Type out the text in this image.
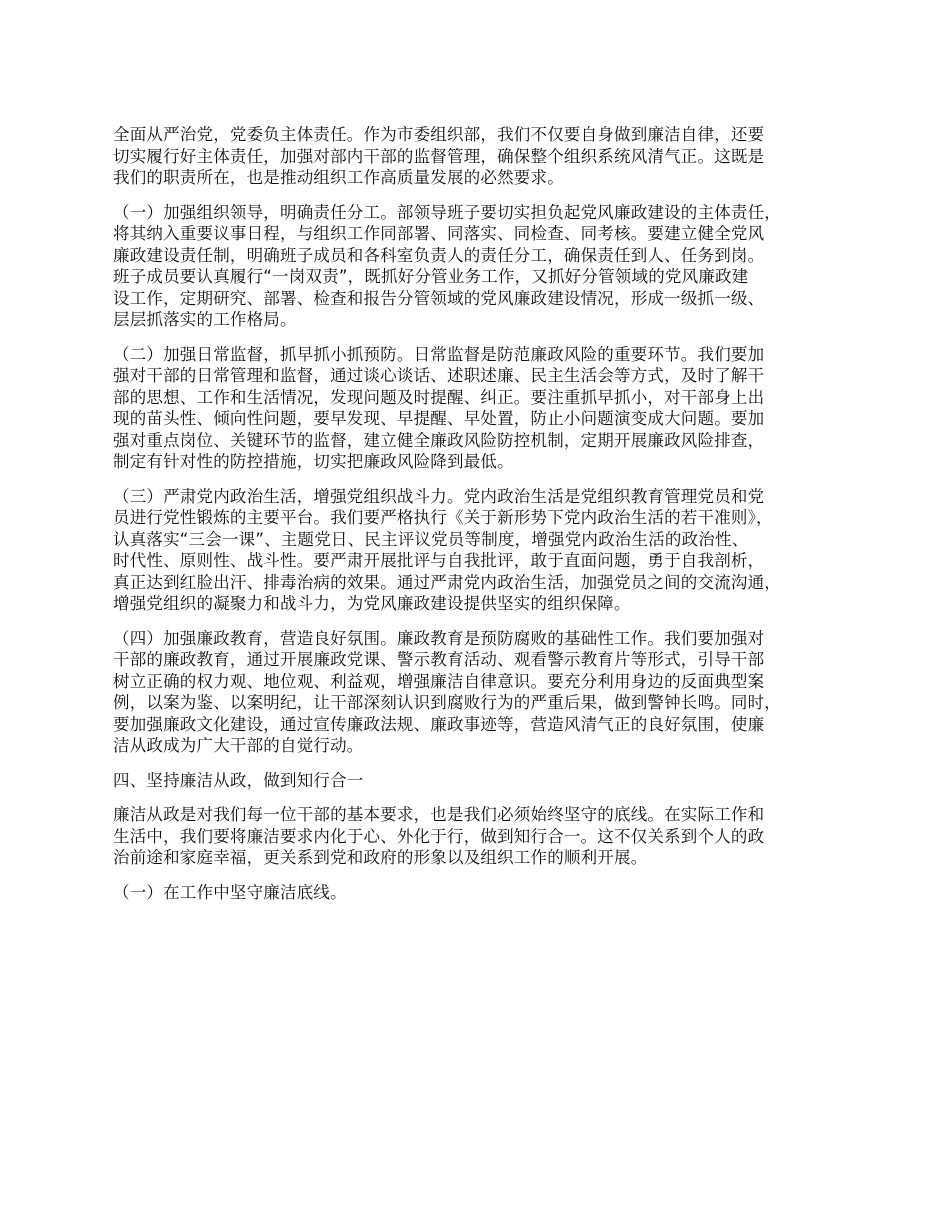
全面从严治党，党委负主体责任。作为市委组织部，我们不仅要自身做到廉洁自律，还要
切实履行好主体责任，加强对部内干部的监督管理，确保整个组织系统风清气正。这既是
我们的职责所在，也是推动组织工作高质量发展的必然要求。

（一）加强组织领导，明确责任分工。部领导班子要切实担负起党风廉政建设的主体责任，
将其纳入重要议事日程，与组织工作同部署、同落实、同检查、同考核。要建立健全党风
廉政建设责任制，明确班子成员和各科室负责人的责任分工，确保责任到人、任务到岗。
班子成员要认真履行“一岗双责”，既抓好分管业务工作，又抓好分管领域的党风廉政建
设工作，定期研究、部署、检查和报告分管领域的党风廉政建设情况，形成一级抓一级、
层层抓落实的工作格局。

（二）加强日常监督，抓早抓小抓预防。日常监督是防范廉政风险的重要环节。我们要加
强对干部的日常管理和监督，通过谈心谈话、述职述廉、民主生活会等方式，及时了解干
部的思想、工作和生活情况，发现问题及时提醒、纠正。要注重抓早抓小，对干部身上出
现的苗头性、倾向性问题，要早发现、早提醒、早处置，防止小问题演变成大问题。要加
强对重点岗位、关键环节的监督，建立健全廉政风险防控机制，定期开展廉政风险排查，
制定有针对性的防控措施，切实把廉政风险降到最低。

（三）严肃党内政治生活，增强党组织战斗力。党内政治生活是党组织教育管理党员和党
员进行党性锻炼的主要平台。我们要严格执行《关于新形势下党内政治生活的若干准则》，
认真落实“三会一课”、主题党日、民主评议党员等制度，增强党内政治生活的政治性、
时代性、原则性、战斗性。要严肃开展批评与自我批评，敢于直面问题，勇于自我剖析，
真正达到红脸出汗、排毒治病的效果。通过严肃党内政治生活，加强党员之间的交流沟通，
增强党组织的凝聚力和战斗力，为党风廉政建设提供坚实的组织保障。

（四）加强廉政教育，营造良好氛围。廉政教育是预防腐败的基础性工作。我们要加强对
干部的廉政教育，通过开展廉政党课、警示教育活动、观看警示教育片等形式，引导干部
树立正确的权力观、地位观、利益观，增强廉洁自律意识。要充分利用身边的反面典型案
例，以案为鉴、以案明纪，让干部深刻认识到腐败行为的严重后果，做到警钟长鸣。同时，
要加强廉政文化建设，通过宣传廉政法规、廉政事迹等，营造风清气正的良好氛围，使廉
洁从政成为广大干部的自觉行动。

四、坚持廉洁从政，做到知行合一

廉洁从政是对我们每一位干部的基本要求，也是我们必须始终坚守的底线。在实际工作和
生活中，我们要将廉洁要求内化于心、外化于行，做到知行合一。这不仅关系到个人的政
治前途和家庭幸福，更关系到党和政府的形象以及组织工作的顺利开展。

（一）在工作中坚守廉洁底线。
